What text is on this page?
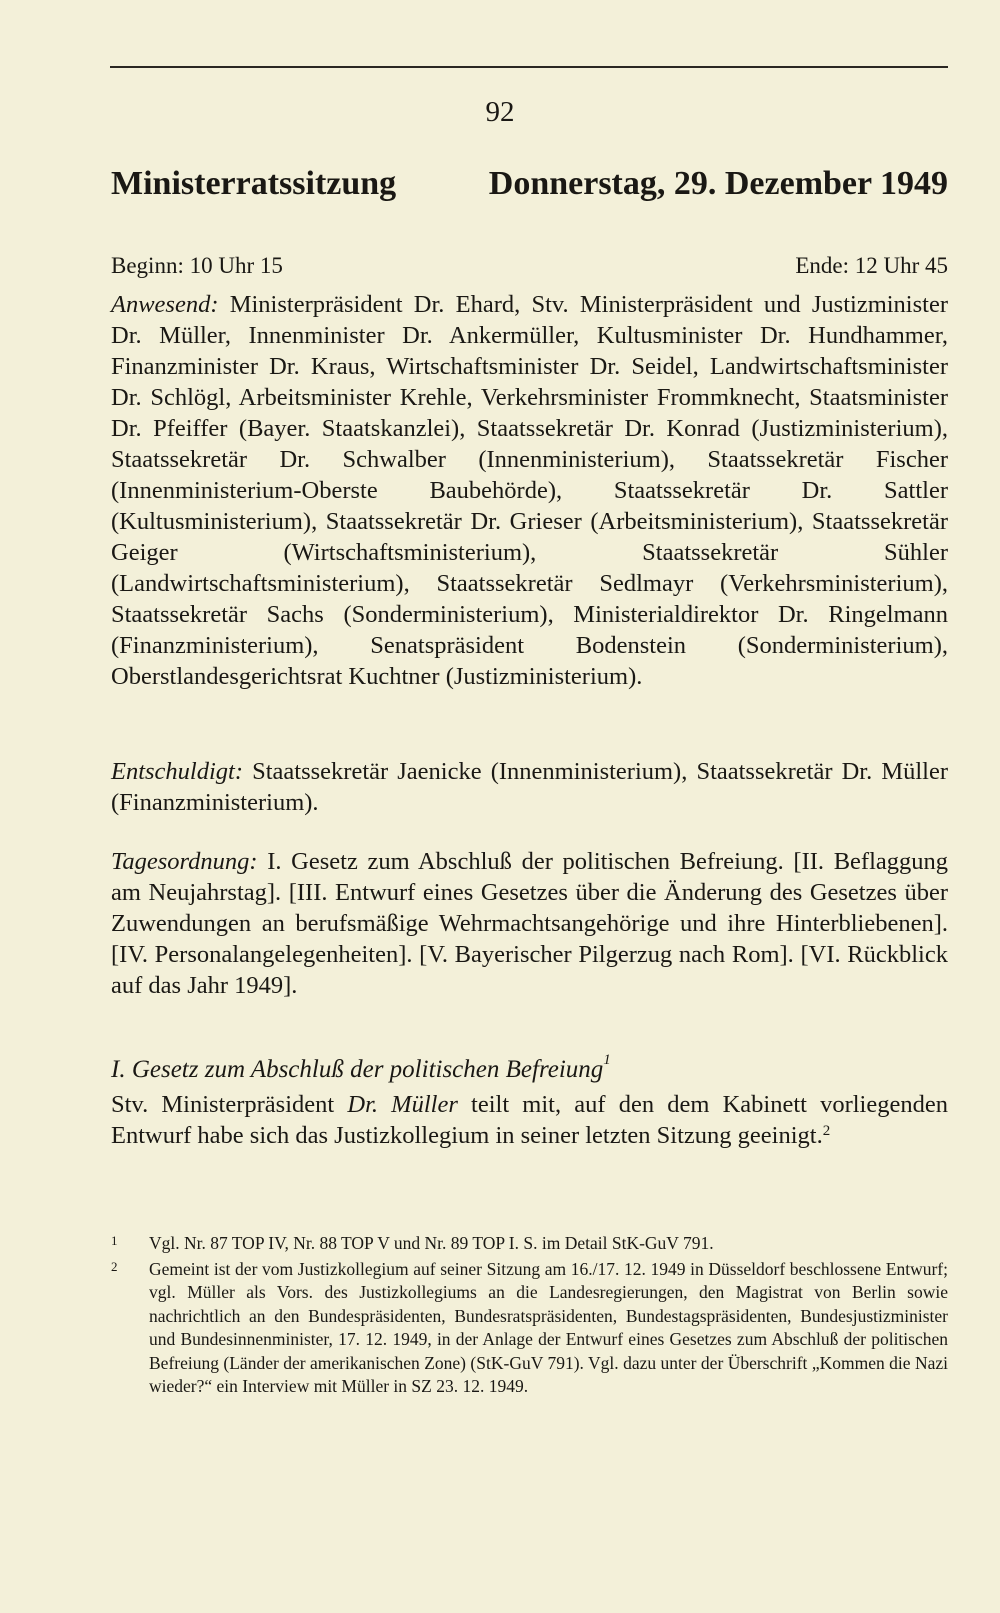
92
Ministerratssitzung	Donnerstag, 29. Dezember 1949
Beginn: 10 Uhr 15	Ende: 12 Uhr 45

Anwesend: Ministerpräsident Dr. Ehard, Stv. Ministerpräsident und Justizminister Dr. Müller, Innenminister Dr. Ankermüller, Kultusminister Dr. Hundhammer, Finanzminister Dr. Kraus, Wirtschaftsminister Dr. Seidel, Landwirtschaftsminister Dr. Schlögl, Arbeitsminister Krehle, Verkehrsminister Frommknecht, Staatsminister Dr. Pfeiffer (Bayer. Staatskanzlei), Staatssekretär Dr. Konrad (Justizministerium), Staatssekretär Dr. Schwalber (Innenministerium), Staatssekretär Fischer (Innenministerium-Oberste Baubehörde), Staatssekretär Dr. Sattler (Kultusministerium), Staatssekretär Dr. Grieser (Arbeitsministerium), Staatssekretär Geiger (Wirtschaftsministerium), Staatssekretär Sühler (Landwirtschaftsministerium), Staatssekretär Sedlmayr (Verkehrsministerium), Staatssekretär Sachs (Sonderministerium), Ministerialdirektor Dr. Ringelmann (Finanzministerium), Senatspräsident Bodenstein (Sonderministerium), Oberstlandesgerichtsrat Kuchtner (Justizministerium).

Entschuldigt: Staatssekretär Jaenicke (Innenministerium), Staatssekretär Dr. Müller (Finanzministerium).

Tagesordnung: I. Gesetz zum Abschluß der politischen Befreiung. [II. Beflaggung am Neujahrstag]. [III. Entwurf eines Gesetzes über die Änderung des Gesetzes über Zuwendungen an berufsmäßige Wehrmachtsangehörige und ihre Hinterbliebenen]. [IV. Personalangelegenheiten]. [V. Bayerischer Pilgerzug nach Rom]. [VI. Rückblick auf das Jahr 1949].

I. Gesetz zum Abschluß der politischen Befreiung$^1$

Stv. Ministerpräsident Dr. Müller teilt mit, auf den dem Kabinett vorliegenden Entwurf habe sich das Justizkollegium in seiner letzten Sitzung geeinigt.$^2$

1	Vgl. Nr. 87 TOP IV, Nr. 88 TOP V und Nr. 89 TOP I. S. im Detail StK-GuV 791.
2	Gemeint ist der vom Justizkollegium auf seiner Sitzung am 16./17. 12. 1949 in Düsseldorf beschlossene Entwurf; vgl. Müller als Vors. des Justizkollegiums an die Landesregierungen, den Magistrat von Berlin sowie nachrichtlich an den Bundespräsidenten, Bundesratspräsidenten, Bundestagspräsidenten, Bundesjustizminister und Bundesinnenminister, 17. 12. 1949, in der Anlage der Entwurf eines Gesetzes zum Abschluß der politischen Befreiung (Länder der amerikanischen Zone) (StK-GuV 791). Vgl. dazu unter der Überschrift „Kommen die Nazi wieder?“ ein Interview mit Müller in SZ 23. 12. 1949.
